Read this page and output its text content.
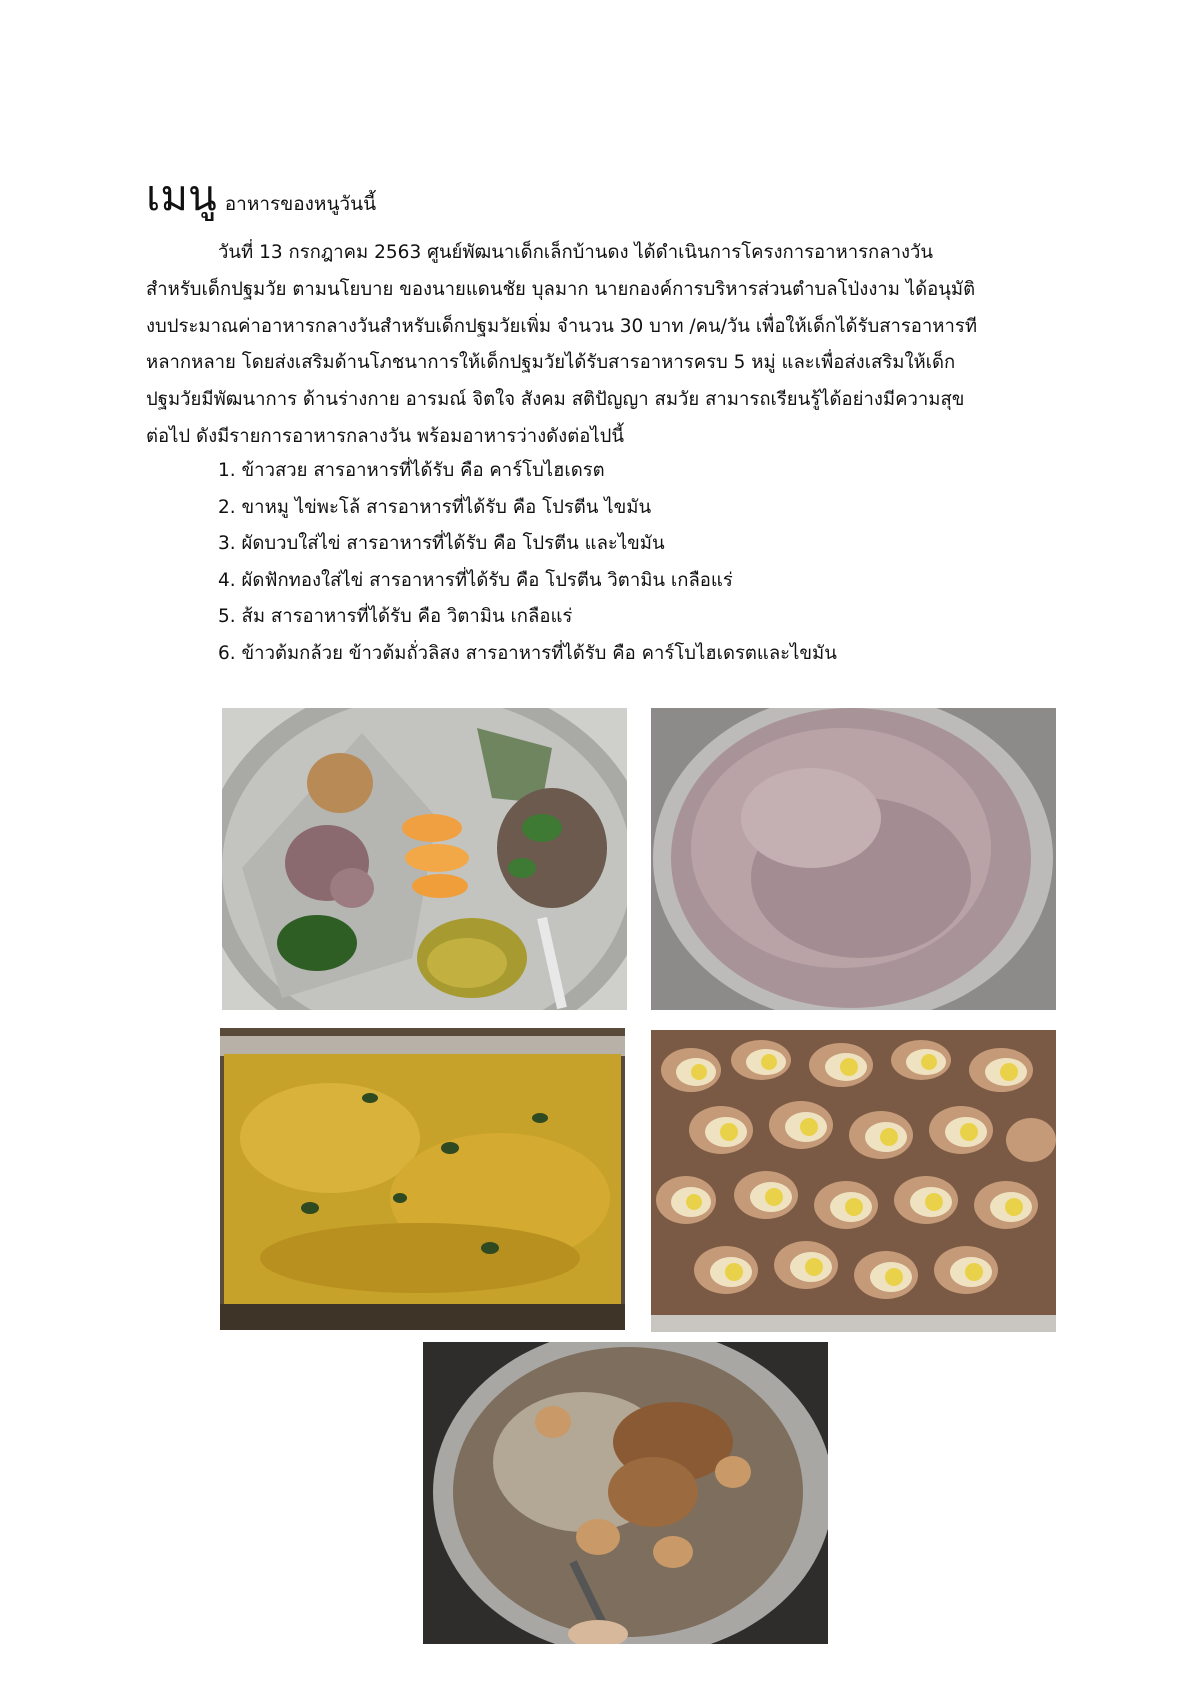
เมนู อาหารของหนูวันนี้
วันที่ 13 กรกฎาคม 2563 ศูนย์พัฒนาเด็กเล็กบ้านดง ได้ดำเนินการโครงการอาหารกลางวัน
สำหรับเด็กปฐมวัย ตามนโยบาย ของนายแดนชัย บุลมาก นายกองค์การบริหารส่วนตำบลโป่งงาม ได้อนุมัติ
งบประมาณค่าอาหารกลางวันสำหรับเด็กปฐมวัยเพิ่ม จำนวน 30 บาท /คน/วัน เพื่อให้เด็กได้รับสารอาหารที
หลากหลาย โดยส่งเสริมด้านโภชนาการให้เด็กปฐมวัยได้รับสารอาหารครบ 5 หมู่ และเพื่อส่งเสริมให้เด็ก
ปฐมวัยมีพัฒนาการ ด้านร่างกาย อารมณ์ จิตใจ สังคม สติปัญญา สมวัย สามารถเรียนรู้ได้อย่างมีความสุข
ต่อไป ดังมีรายการอาหารกลางวัน พร้อมอาหารว่างดังต่อไปนี้
1. ข้าวสวย สารอาหารที่ได้รับ คือ คาร์โบไฮเดรต
2. ขาหมู ไข่พะโล้ สารอาหารที่ได้รับ คือ โปรตีน ไขมัน
3. ผัดบวบใส่ไข่ สารอาหารที่ได้รับ คือ โปรตีน และไขมัน
4. ผัดฟักทองใส่ไข่ สารอาหารที่ได้รับ คือ โปรตีน วิตามิน เกลือแร่
5. ส้ม สารอาหารที่ได้รับ คือ วิตามิน เกลือแร่
6. ข้าวต้มกล้วย ข้าวต้มถั่วลิสง สารอาหารที่ได้รับ คือ คาร์โบไฮเดรตและไขมัน
